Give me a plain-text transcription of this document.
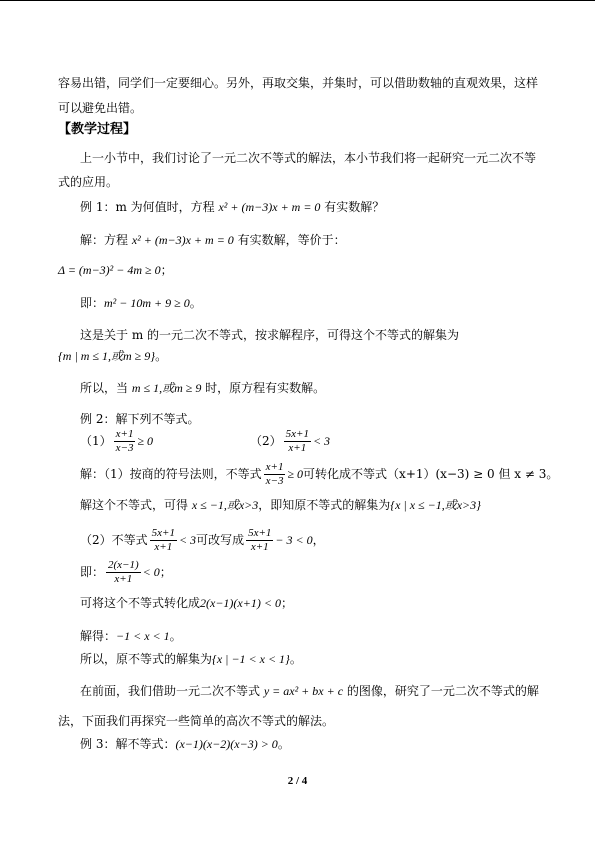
容易出错，同学们一定要细心。另外，再取交集，并集时，可以借助数轴的直观效果，这样
可以避免出错。
【教学过程】
上一小节中，我们讨论了一元二次不等式的解法，本小节我们将一起研究一元二次不等
式的应用。
例 1：m 为何值时，方程 x² + (m−3)x + m = 0 有实数解？
解：方程 x² + (m−3)x + m = 0 有实数解，等价于：
Δ = (m−3)² − 4m ≥ 0；
即：m² − 10m + 9 ≥ 0。
这是关于 m 的一元二次不等式，按求解程序，可得这个不等式的解集为
{m | m ≤ 1,或m ≥ 9}。
所以，当 m ≤ 1,或m ≥ 9 时，原方程有实数解。
例 2：解下列不等式。
$(1) \frac{x+1}{x-3} \ge 0$	$(2) \frac{5x+1}{x+1} < 3$
解：（1）按商的符号法则，不等式 $\frac{x+1}{x-3} \ge 0$可转化成不等式（x+1）(x−3) ≥ 0 但 x ≠ 3。
解这个不等式，可得 x ≤ −1,或x>3，即知原不等式的解集为{x | x ≤ −1,或x>3}
（2）不等式 $\frac{5x+1}{x+1} < 3$可改写成 $\frac{5x+1}{x+1} - 3 < 0$，
即： $\frac{2(x-1)}{x+1} < 0$；
可将这个不等式转化成2(x−1)(x+1) < 0；
解得：−1 < x < 1。
所以，原不等式的解集为{x | −1 < x < 1}。
在前面，我们借助一元二次不等式 y = ax² + bx + c 的图像，研究了一元二次不等式的解
法，下面我们再探究一些简单的高次不等式的解法。
例 3：解不等式：(x−1)(x−2)(x−3) > 0。
2 / 4
